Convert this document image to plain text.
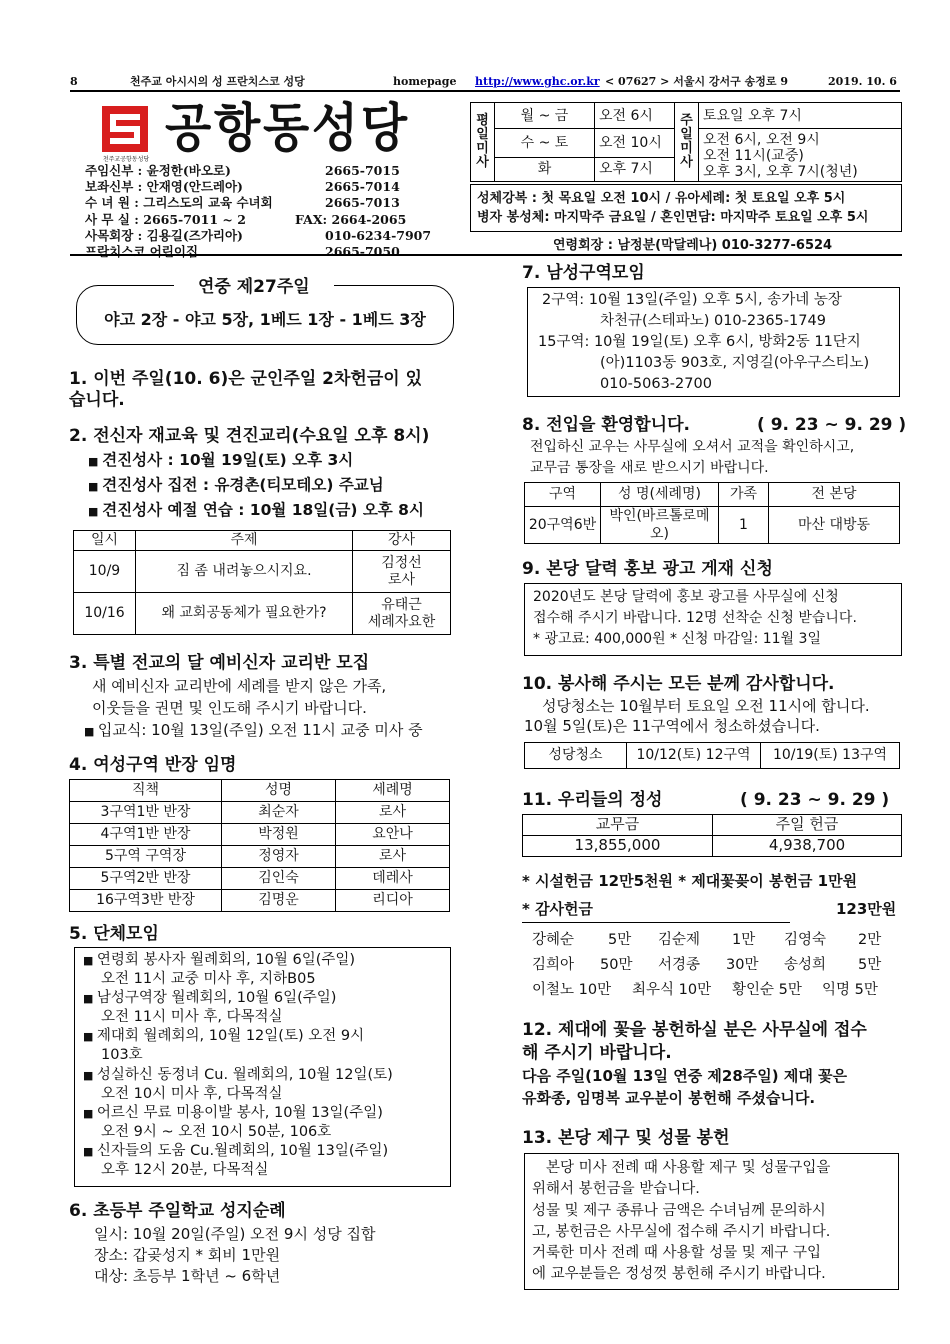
8	천주교 아시시의 성 프란치스코 성당	homepage http://www.ghc.or.kr < 07627 > 서울시 강서구 송정로 9	2019. 10. 6
천주교공항동성당
공항동성당
주임신부 : 윤정한(바오로)	2665-7015
보좌신부 : 안재영(안드레아)	2665-7014
수 녀 원 : 그리스도의 교육 수녀회	2665-7013
사 무 실 : 2665-7011 ~ 2	FAX: 2664-2065
사목회장 : 김용길(즈가리아)	010-6234-7907
프란치스코 어린이집	2665-7050
평일미사	월 ~ 금	오전 6시	주일미사	토요일 오후 7시
	수 ~ 토	오전 10시		오전 6시, 오전 9시
오전 11시(교중)
오후 3시, 오후 7시(청년)

	화	오후 7시		
성체강복 : 첫 목요일 오전 10시 / 유아세례: 첫 토요일 오후 5시
병자 봉성체: 마지막주 금요일 / 혼인면담: 마지막주 토요일 오후 5시
연령회장 : 남정분(막달레나) 010-3277-6524
야고 2장 - 야고 5장, 1베드 1장 - 1베드 3장
연중 제27주일
1. 이번 주일(10. 6)은 군인주일 2차헌금이 있
습니다.
2. 전신자 재교육 및 견진교리(수요일 오후 8시)
■ 견진성사 : 10월 19일(토) 오후 3시
■ 견진성사 집전 : 유경촌(티모테오) 주교님
■ 견진성사 예절 연습 : 10월 18일(금) 오후 8시
일시	주제	강사
10/9	짐 좀 내려놓으시지요.	김정선
로사

10/16	왜 교회공동체가 필요한가?	유태근
세례자요한
3. 특별 전교의 달 예비신자 교리반 모집
새 예비신자 교리반에 세례를 받지 않은 가족,
이웃들을 권면 및 인도해 주시기 바랍니다.
■ 입교식: 10월 13일(주일) 오전 11시 교중 미사 중
4. 여성구역 반장 임명
직책	성명	세례명
3구역1반 반장	최순자	로사
4구역1반 반장	박정원	요안나
5구역 구역장	정영자	로사
5구역2반 반장	김인숙	데레사
16구역3반 반장	김명운	리디아
5. 단체모임
■ 연령회 봉사자 월례회의, 10월 6일(주일)
오전 11시 교중 미사 후, 지하B05
■ 남성구역장 월례회의, 10월 6일(주일)
오전 11시 미사 후, 다목적실
■ 제대회 월례회의, 10월 12일(토) 오전 9시
103호
■ 성실하신 동정녀 Cu. 월례회의, 10월 12일(토)
오전 10시 미사 후, 다목적실
■ 어르신 무료 미용이발 봉사, 10월 13일(주일)
오전 9시 ~ 오전 10시 50분, 106호
■ 신자들의 도움 Cu.월례회의, 10월 13일(주일)
오후 12시 20분, 다목적실
6. 초등부 주일학교 성지순례
일시: 10월 20일(주일) 오전 9시 성당 집합
장소: 갑곶성지 * 회비 1만원
대상: 초등부 1학년 ~ 6학년
7. 남성구역모임
2구역: 10월 13일(주일) 오후 5시, 송가네 농장
차천규(스테파노) 010-2365-1749
15구역: 10월 19일(토) 오후 6시, 방화2동 11단지
(아)1103동 903호, 지영길(아우구스티노)
010-5063-2700
8. 전입을 환영합니다.	( 9. 23 ~ 9. 29 )
전입하신 교우는 사무실에 오셔서 교적을 확인하시고,
교무금 통장을 새로 받으시기 바랍니다.
구역	성 명(세례명)	가족	전 본당
20구역6반	박인(바르톨로메오)	1	마산 대방동
9. 본당 달력 홍보 광고 게재 신청
2020년도 본당 달력에 홍보 광고를 사무실에 신청
접수해 주시기 바랍니다. 12명 선착순 신청 받습니다.
* 광고료: 400,000원 * 신청 마감일: 11월 3일
10. 봉사해 주시는 모든 분께 감사합니다.
성당청소는 10월부터 토요일 오전 11시에 합니다.
10월 5일(토)은 11구역에서 청소하셨습니다.
성당청소	10/12(토) 12구역	10/19(토) 13구역
11. 우리들의 정성	( 9. 23 ~ 9. 29 )
교무금	주일 헌금
13,855,000	4,938,700
* 시설헌금 12만5천원 * 제대꽃꽂이 봉헌금 1만원
* 감사헌금	123만원
강혜순 5만 김순제 1만 김영숙 2만
김희아 50만 서경종 30만 송성희 5만
이철노 10만 최우식 10만 황인순 5만 익명 5만
12. 제대에 꽃을 봉헌하실 분은 사무실에 접수
해 주시기 바랍니다.
다음 주일(10월 13일 연중 제28주일) 제대 꽃은
유화종, 임명복 교우분이 봉헌해 주셨습니다.
13. 본당 제구 및 성물 봉헌
본당 미사 전례 때 사용할 제구 및 성물구입을
위해서 봉헌금을 받습니다.
성물 및 제구 종류나 금액은 수녀님께 문의하시
고, 봉헌금은 사무실에 접수해 주시기 바랍니다.
거룩한 미사 전례 때 사용할 성물 및 제구 구입
에 교우분들은 정성껏 봉헌해 주시기 바랍니다.
